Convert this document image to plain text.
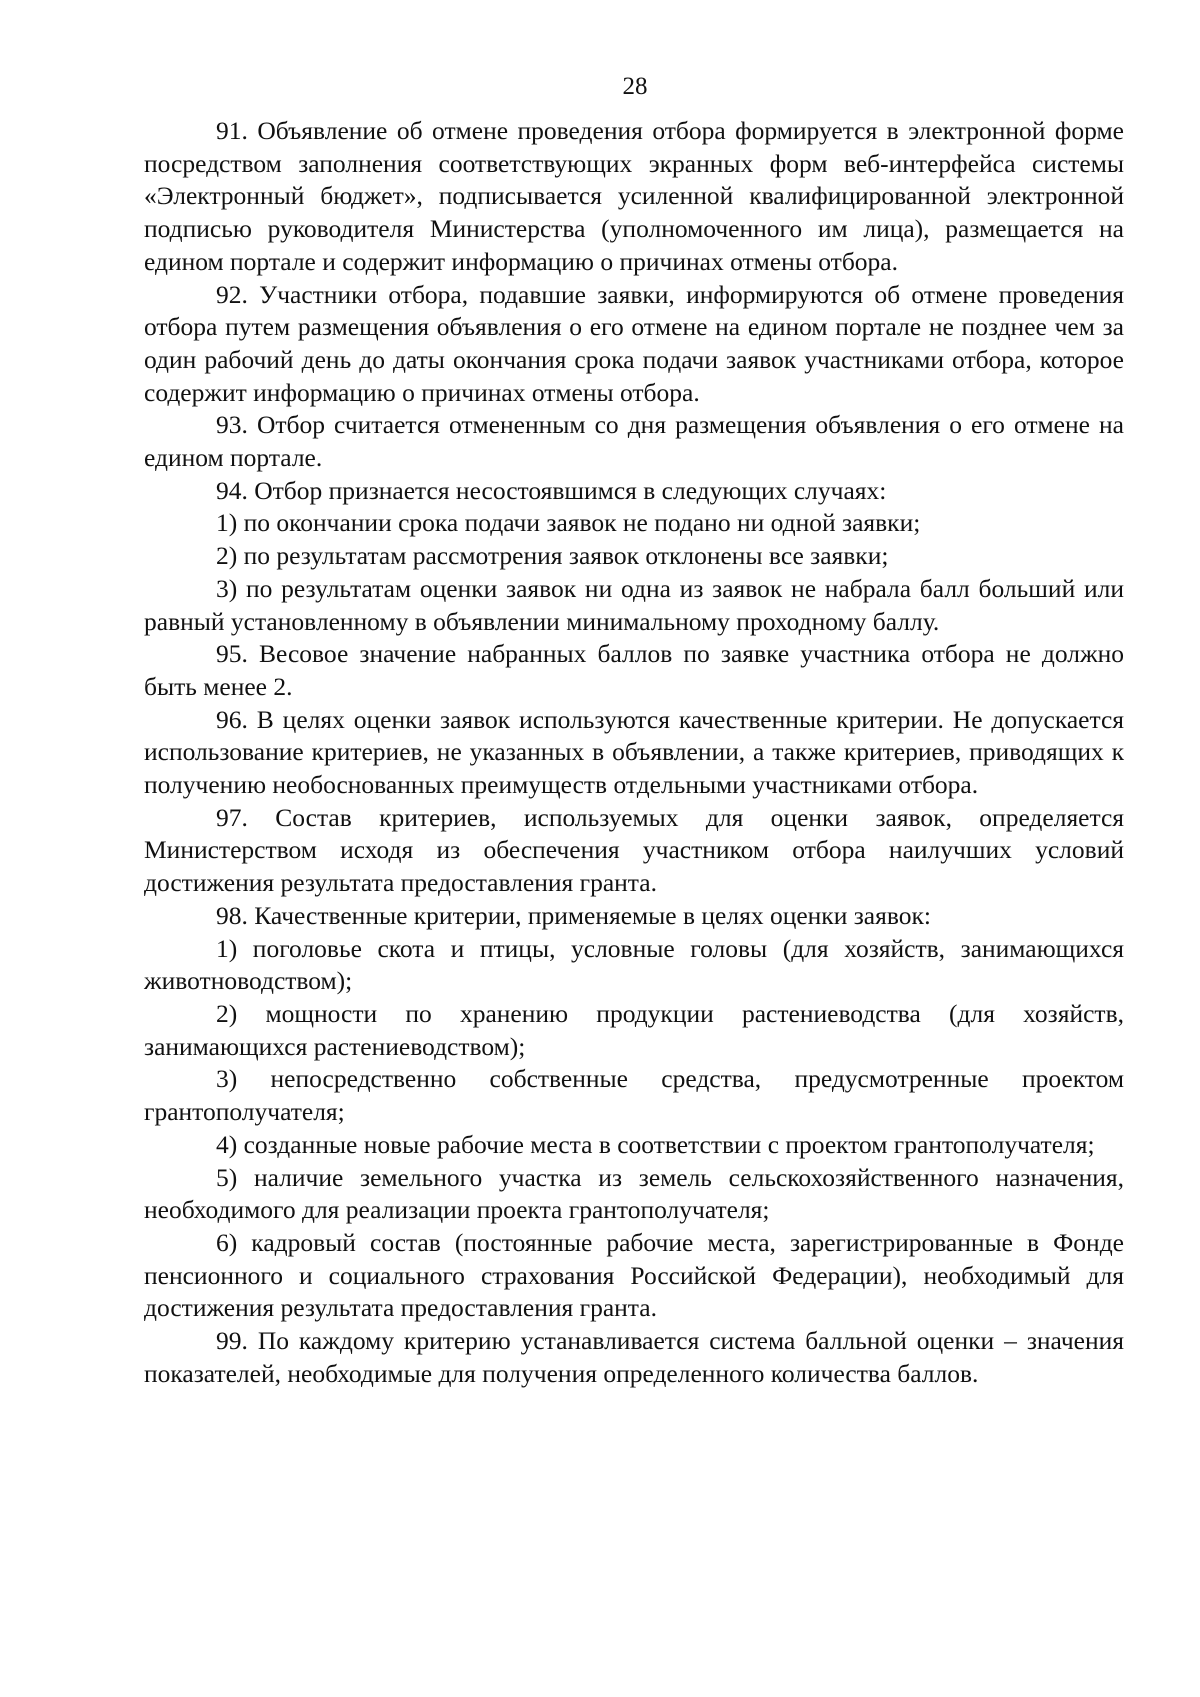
28

91. Объявление об отмене проведения отбора формируется в электронной форме посредством заполнения соответствующих экранных форм веб-интерфейса системы «Электронный бюджет», подписывается усиленной квалифицированной электронной подписью руководителя Министерства (уполномоченного им лица), размещается на едином портале и содержит информацию о причинах отмены отбора.

92. Участники отбора, подавшие заявки, информируются об отмене проведения отбора путем размещения объявления о его отмене на едином портале не позднее чем за один рабочий день до даты окончания срока подачи заявок участниками отбора, которое содержит информацию о причинах отмены отбора.

93. Отбор считается отмененным со дня размещения объявления о его отмене на едином портале.

94. Отбор признается несостоявшимся в следующих случаях:

1) по окончании срока подачи заявок не подано ни одной заявки;

2) по результатам рассмотрения заявок отклонены все заявки;

3) по результатам оценки заявок ни одна из заявок не набрала балл больший или равный установленному в объявлении минимальному проходному баллу.

95. Весовое значение набранных баллов по заявке участника отбора не должно быть менее 2.

96. В целях оценки заявок используются качественные критерии. Не допускается использование критериев, не указанных в объявлении, а также критериев, приводящих к получению необоснованных преимуществ отдельными участниками отбора.

97. Состав критериев, используемых для оценки заявок, определяется Министерством исходя из обеспечения участником отбора наилучших условий достижения результата предоставления гранта.

98. Качественные критерии, применяемые в целях оценки заявок:

1) поголовье скота и птицы, условные головы (для хозяйств, занимающихся животноводством);

2) мощности по хранению продукции растениеводства (для хозяйств, занимающихся растениеводством);

3) непосредственно собственные средства, предусмотренные проектом грантополучателя;

4) созданные новые рабочие места в соответствии с проектом грантополучателя;

5) наличие земельного участка из земель сельскохозяйственного назначения, необходимого для реализации проекта грантополучателя;

6) кадровый состав (постоянные рабочие места, зарегистрированные в Фонде пенсионного и социального страхования Российской Федерации), необходимый для достижения результата предоставления гранта.

99. По каждому критерию устанавливается система балльной оценки – значения показателей, необходимые для получения определенного количества баллов.
